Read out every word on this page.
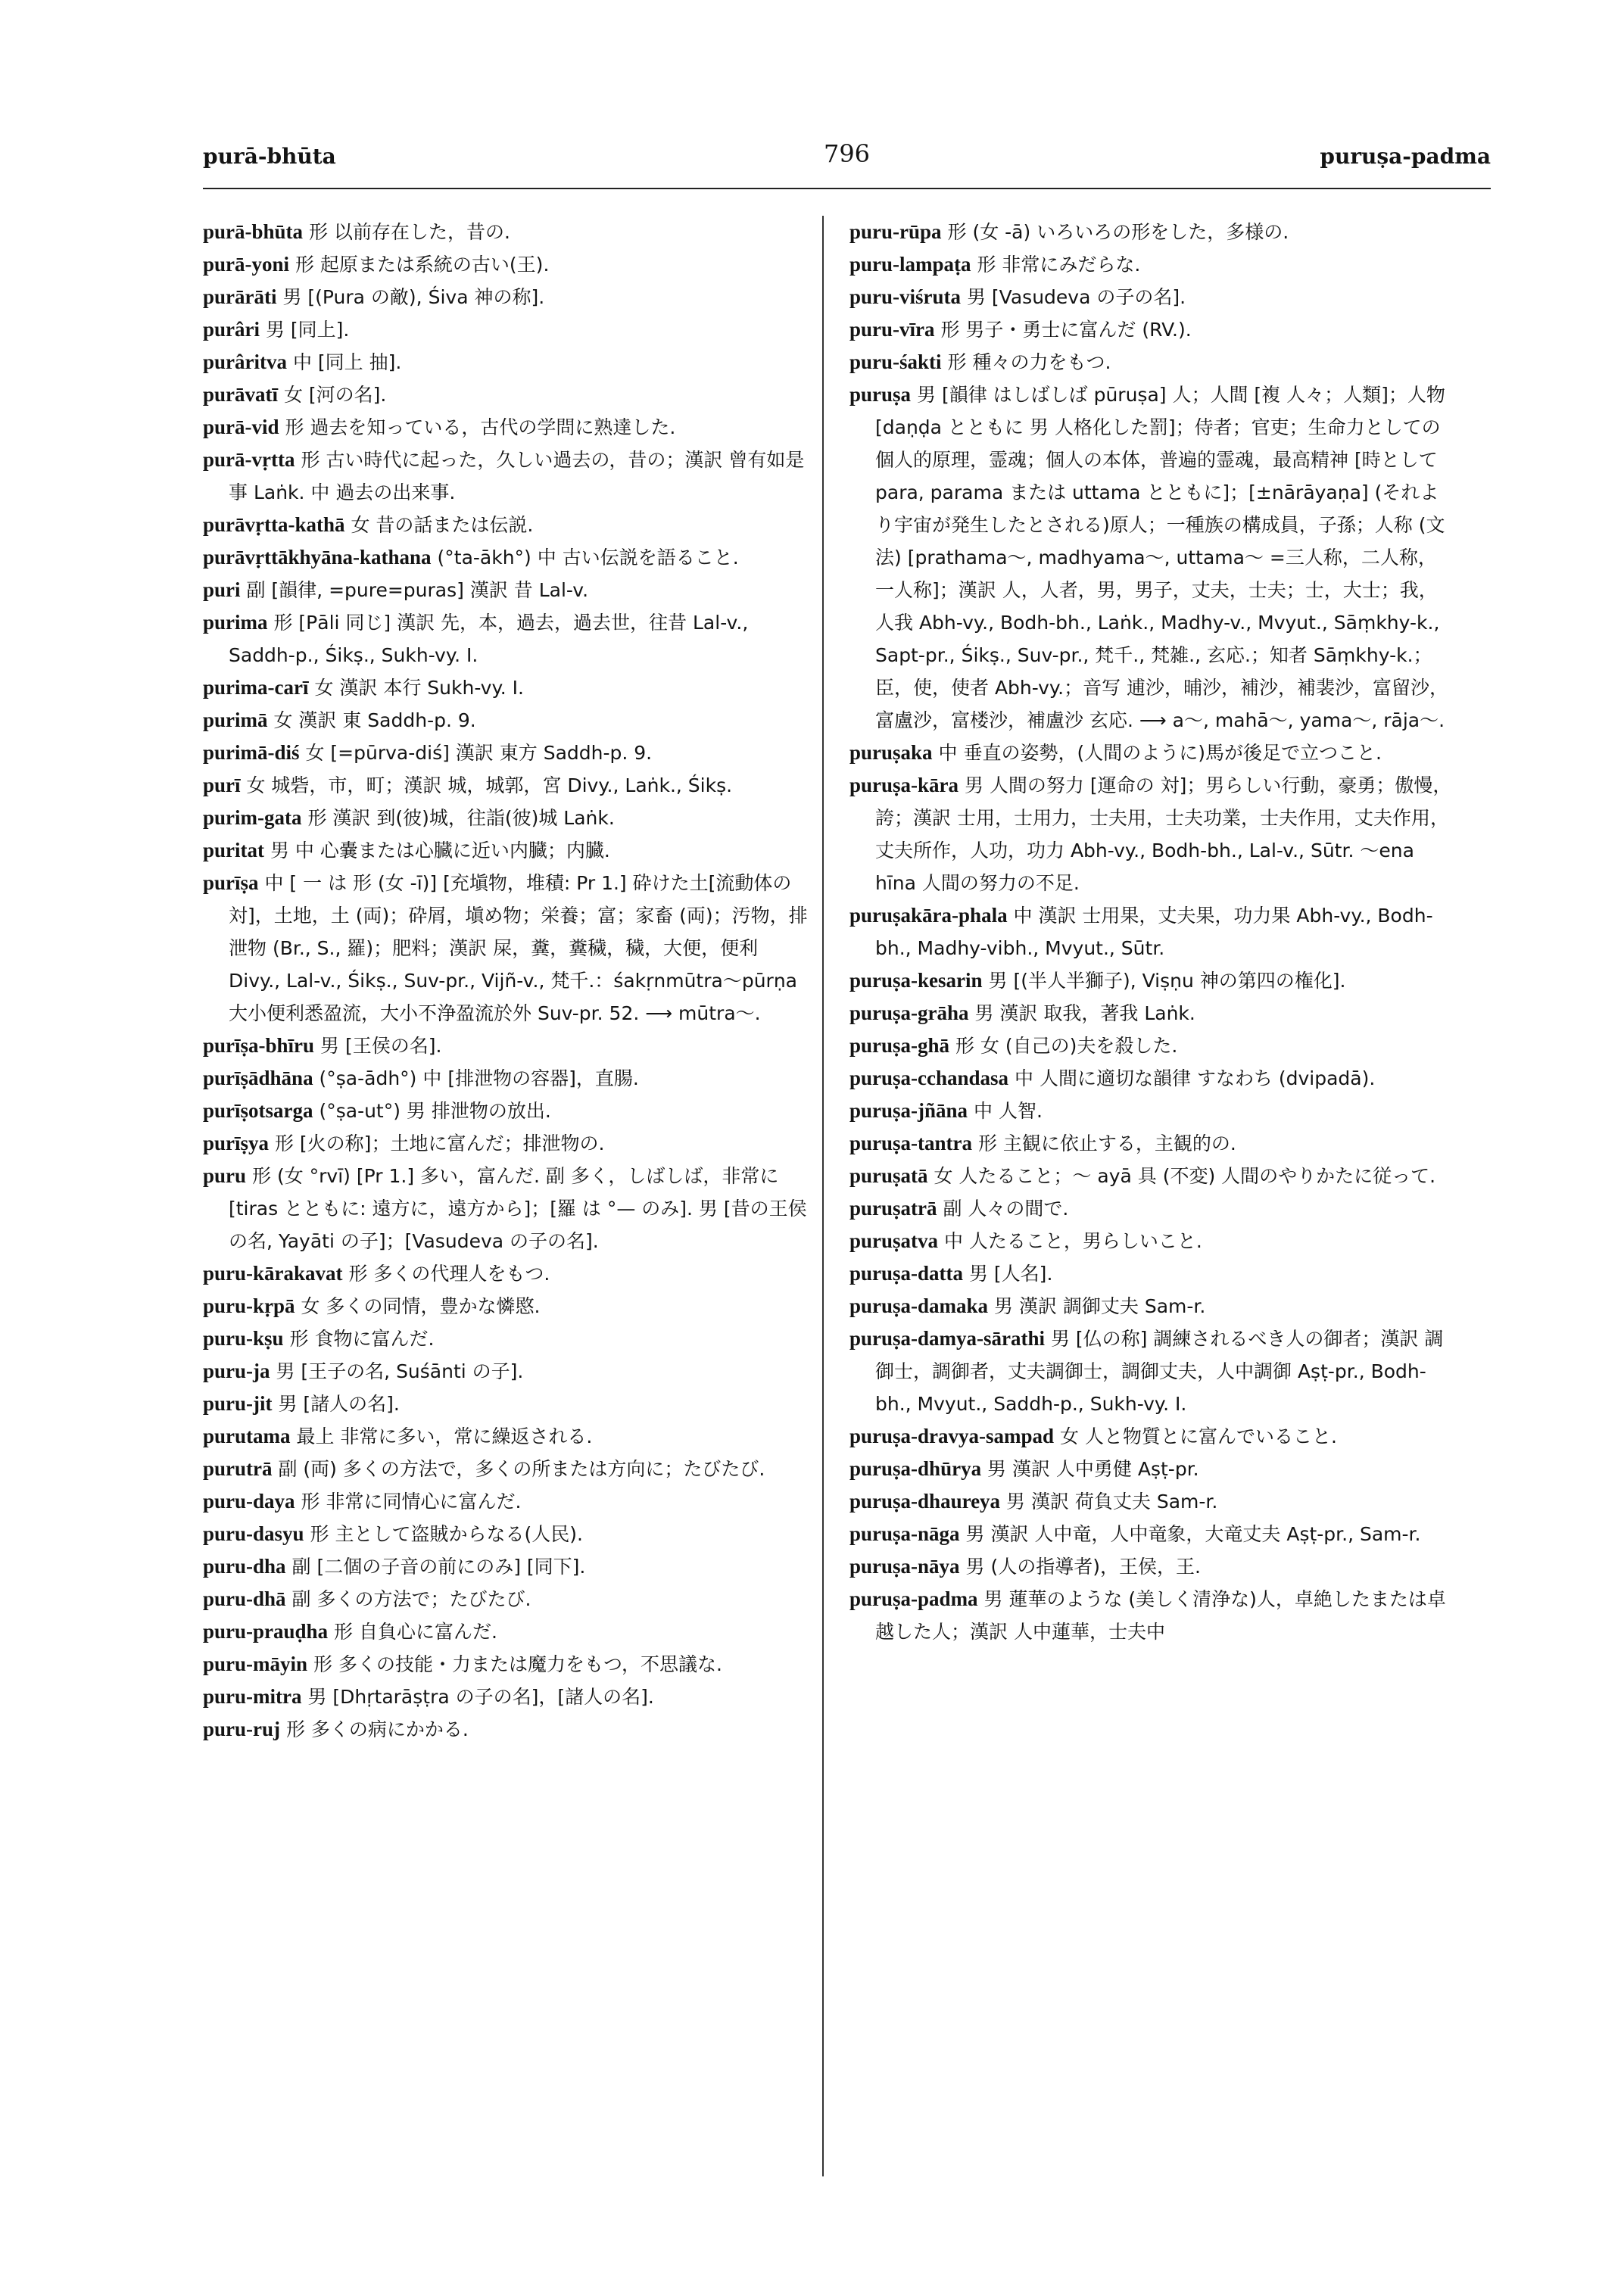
purā-bhūta	796	puruṣa-padma
purā-bhūta 形 以前存在した，昔の.
purā-yoni 形 起原または系統の古い(王).
purārāti 男 [(Pura の敵), Śiva 神の称].
purâri 男 [同上].
purâritva 中 [同上 抽].
purāvatī 女 [河の名].
purā-vid 形 過去を知っている，古代の学問に熟達した.
purā-vṛtta 形 古い時代に起った，久しい過去の，昔の；漢訳 曾有如是事 Laṅk. 中 過去の出来事.
purāvṛtta-kathā 女 昔の話または伝説.
purāvṛttākhyāna-kathana (°ta-ākh°) 中 古い伝説を語ること.
puri 副 [韻律, =pure=puras] 漢訳 昔 Lal-v.
purima 形 [Pāli 同じ] 漢訳 先，本，過去，過去世，往昔 Lal-v., Saddh-p., Śikṣ., Sukh-vy. I.
purima-carī 女 漢訳 本行 Sukh-vy. I.
purimā 女 漢訳 東 Saddh-p. 9.
purimā-diś 女 [=pūrva-diś] 漢訳 東方 Saddh-p. 9.
purī 女 城砦，市，町；漢訳 城，城郭，宮 Divy., Laṅk., Śikṣ.
purim-gata 形 漢訳 到(彼)城，往詣(彼)城 Laṅk.
puritat 男 中 心嚢または心臓に近い内臓；内臓.
purīṣa 中 [ 一 は 形 (女 -ī)] [充塡物，堆積: Pr 1.] 砕けた土[流動体の 対]，土地，土 (両)；砕屑，塡め物；栄養；富；家畜 (両)；汚物，排泄物 (Br., S., 羅)；肥料；漢訳 屎，糞，糞穢，穢，大便，便利 Divy., Lal-v., Śikṣ., Suv-pr., Vijñ-v., 梵千.：śakṛnmūtra～pūrṇa 大小便利悉盈流，大小不浄盈流於外 Suv-pr. 52. ⟶ mūtra～.
purīṣa-bhīru 男 [王侯の名].
purīṣādhāna (°ṣa-ādh°) 中 [排泄物の容器]，直腸.
purīṣotsarga (°ṣa-ut°) 男 排泄物の放出.
purīṣya 形 [火の称]；土地に富んだ；排泄物の.
puru 形 (女 °rvī) [Pr 1.] 多い，富んだ. 副 多く，しばしば，非常に [tiras とともに: 遠方に，遠方から]；[羅 は °— のみ]. 男 [昔の王侯の名, Yayāti の子]；[Vasudeva の子の名].
puru-kārakavat 形 多くの代理人をもつ.
puru-kṛpā 女 多くの同情，豊かな憐愍.
puru-kṣu 形 食物に富んだ.
puru-ja 男 [王子の名, Suśānti の子].
puru-jit 男 [諸人の名].
purutama 最上 非常に多い，常に繰返される.
purutrā 副 (両) 多くの方法で，多くの所または方向に；たびたび.
puru-daya 形 非常に同情心に富んだ.
puru-dasyu 形 主として盗賊からなる(人民).
puru-dha 副 [二個の子音の前にのみ] [同下].
puru-dhā 副 多くの方法で；たびたび.
puru-prauḍha 形 自負心に富んだ.
puru-māyin 形 多くの技能・力または魔力をもつ，不思議な.
puru-mitra 男 [Dhṛtarāṣṭra の子の名]，[諸人の名].
puru-ruj 形 多くの病にかかる.
puru-rūpa 形 (女 -ā) いろいろの形をした，多様の.
puru-lampaṭa 形 非常にみだらな.
puru-viśruta 男 [Vasudeva の子の名].
puru-vīra 形 男子・勇士に富んだ (RV.).
puru-śakti 形 種々の力をもつ.
puruṣa 男 [韻律 はしばしば pūruṣa] 人；人間 [複 人々；人類]；人物 [daṇḍa とともに 男 人格化した罰]；侍者；官吏；生命力としての個人的原理，霊魂；個人の本体，普遍的霊魂，最高精神 [時として para, parama または uttama とともに]；[±nārāyaṇa] (それより宇宙が発生したとされる)原人；一種族の構成員，子孫；人称 (文法) [prathama～, madhyama～, uttama～ =三人称，二人称，一人称]；漢訳 人，人者，男，男子，丈夫，士夫；士，大士；我，人我 Abh-vy., Bodh-bh., Laṅk., Madhy-v., Mvyut., Sāṃkhy-k., Sapt-pr., Śikṣ., Suv-pr., 梵千., 梵雑., 玄応.；知者 Sāṃkhy-k.；臣，使，使者 Abh-vy.；音写 逋沙，晡沙，補沙，補裴沙，富留沙，富盧沙，富楼沙，補盧沙 玄応. ⟶ a～, mahā～, yama～, rāja～.
puruṣaka 中 垂直の姿勢，(人間のように)馬が後足で立つこと.
puruṣa-kāra 男 人間の努力 [運命の 対]；男らしい行動，豪勇；傲慢，誇；漢訳 士用，士用力，士夫用，士夫功業，士夫作用，丈夫作用，丈夫所作，人功，功力 Abh-vy., Bodh-bh., Lal-v., Sūtr. ～ena hīna 人間の努力の不足.
puruṣakāra-phala 中 漢訳 士用果，丈夫果，功力果 Abh-vy., Bodh-bh., Madhy-vibh., Mvyut., Sūtr.
puruṣa-kesarin 男 [(半人半獅子), Viṣṇu 神の第四の権化].
puruṣa-grāha 男 漢訳 取我，著我 Laṅk.
puruṣa-ghā 形 女 (自己の)夫を殺した.
puruṣa-cchandasa 中 人間に適切な韻律 すなわち (dvipadā).
puruṣa-jñāna 中 人智.
puruṣa-tantra 形 主観に依止する，主観的の.
puruṣatā 女 人たること；～ ayā 具 (不変) 人間のやりかたに従って.
puruṣatrā 副 人々の間で.
puruṣatva 中 人たること，男らしいこと.
puruṣa-datta 男 [人名].
puruṣa-damaka 男 漢訳 調御丈夫 Sam-r.
puruṣa-damya-sārathi 男 [仏の称] 調練されるべき人の御者；漢訳 調御士，調御者，丈夫調御士，調御丈夫，人中調御 Aṣṭ-pr., Bodh-bh., Mvyut., Saddh-p., Sukh-vy. I.
puruṣa-dravya-sampad 女 人と物質とに富んでいること.
puruṣa-dhūrya 男 漢訳 人中勇健 Aṣṭ-pr.
puruṣa-dhaureya 男 漢訳 荷負丈夫 Sam-r.
puruṣa-nāga 男 漢訳 人中竜，人中竜象，大竜丈夫 Aṣṭ-pr., Sam-r.
puruṣa-nāya 男 (人の指導者)，王侯，王.
puruṣa-padma 男 蓮華のような (美しく清浄な)人，卓絶したまたは卓越した人；漢訳 人中蓮華，士夫中
